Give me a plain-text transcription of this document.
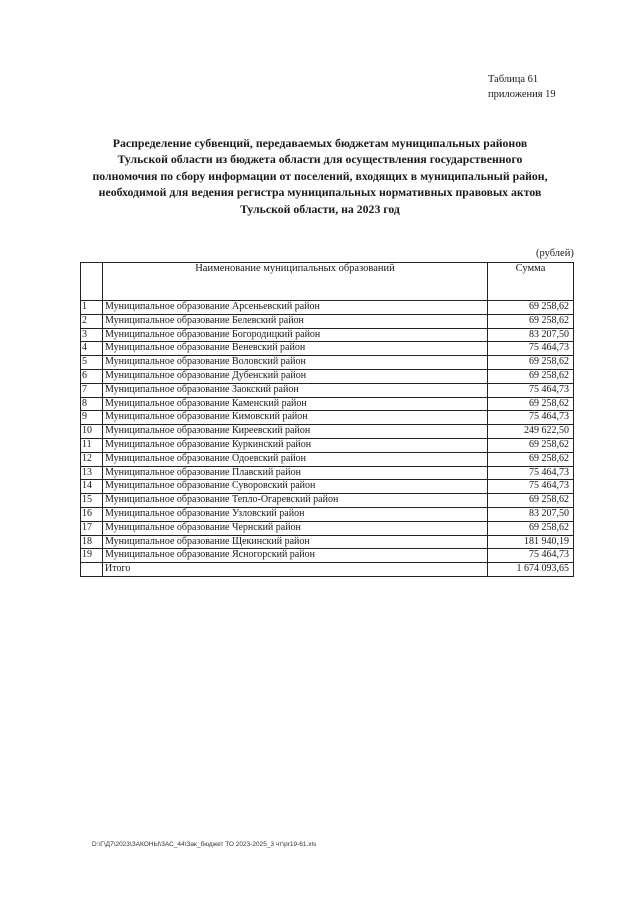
Таблица 61
приложения 19
Распределение субвенций, передаваемых бюджетам муниципальных районов
Тульской области из бюджета области для осуществления государственного
полномочия по сбору информации от поселений, входящих в муниципальный район,
необходимой для ведения регистра муниципальных нормативных правовых актов
Тульской области, на 2023 год
(рублей)
	Наименование муниципальных образований	Сумма
1	Муниципальное образование Арсеньевский район	69 258,62
2	Муниципальное образование Белевский район	69 258,62
3	Муниципальное образование Богородицкий район	83 207,50
4	Муниципальное образование Веневский район	75 464,73
5	Муниципальное образование Воловский район	69 258,62
6	Муниципальное образование Дубенский район	69 258,62
7	Муниципальное образование Заокский район	75 464,73
8	Муниципальное образование Каменский район	69 258,62
9	Муниципальное образование Кимовский район	75 464,73
10	Муниципальное образование Киреевский район	249 622,50
11	Муниципальное образование Куркинский район	69 258,62
12	Муниципальное образование Одоевский район	69 258,62
13	Муниципальное образование Плавский район	75 464,73
14	Муниципальное образование Суворовский район	75 464,73
15	Муниципальное образование Тепло-Огаревский район	69 258,62
16	Муниципальное образование Узловский район	83 207,50
17	Муниципальное образование Чернский район	69 258,62
18	Муниципальное образование Щекинский район	181 940,19
19	Муниципальное образование Ясногорский район	75 464,73
	Итого	1 674 093,65
D:\Г\Д7\2023\ЗАКОНЫ\ЗАС_44\Зак_бюджет ТО 2023-2025_3 чт\pr19-61.xls
